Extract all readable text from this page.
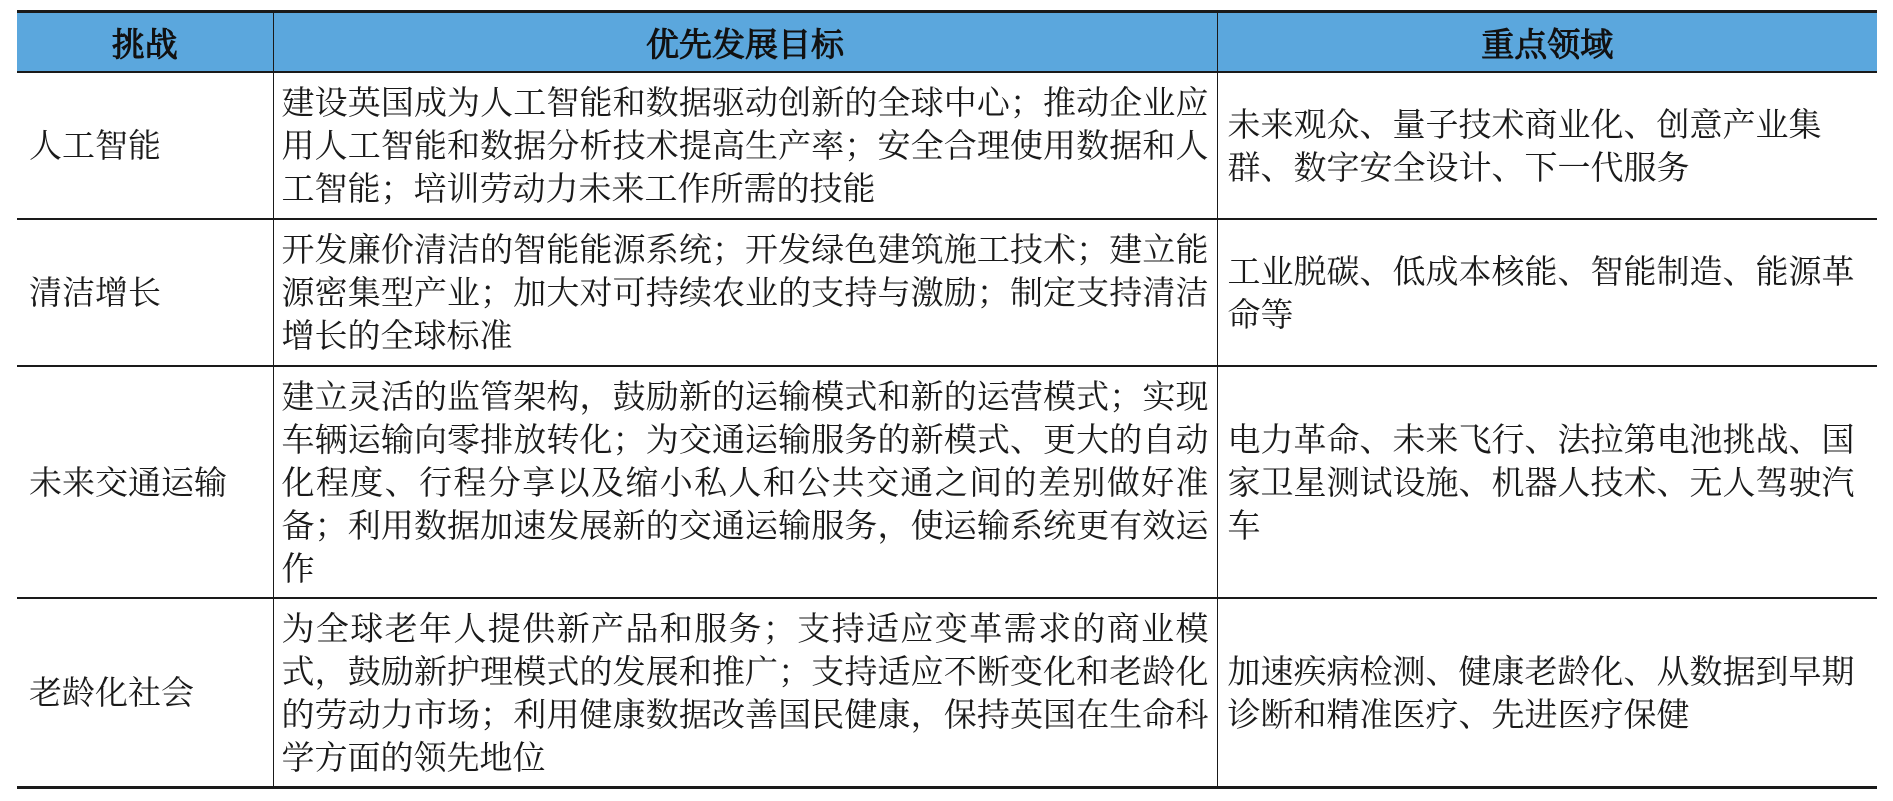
挑战	优先发展目标	重点领域
人工智能	建设英国成为人工智能和数据驱动创新的全球中心；推动企业应用人工智能和数据分析技术提高生产率；安全合理使用数据和人工智能；培训劳动力未来工作所需的技能	未来观众、量子技术商业化、创意产业集群、数字安全设计、下一代服务
清洁增长	开发廉价清洁的智能能源系统；开发绿色建筑施工技术；建立能源密集型产业；加大对可持续农业的支持与激励；制定支持清洁增长的全球标准	工业脱碳、低成本核能、智能制造、能源革命等
未来交通运输	建立灵活的监管架构，鼓励新的运输模式和新的运营模式；实现车辆运输向零排放转化；为交通运输服务的新模式、更大的自动化程度、行程分享以及缩小私人和公共交通之间的差别做好准备；利用数据加速发展新的交通运输服务，使运输系统更有效运作	电力革命、未来飞行、法拉第电池挑战、国家卫星测试设施、机器人技术、无人驾驶汽车
老龄化社会	为全球老年人提供新产品和服务；支持适应变革需求的商业模式，鼓励新护理模式的发展和推广；支持适应不断变化和老龄化的劳动力市场；利用健康数据改善国民健康，保持英国在生命科学方面的领先地位	加速疾病检测、健康老龄化、从数据到早期诊断和精准医疗、先进医疗保健
